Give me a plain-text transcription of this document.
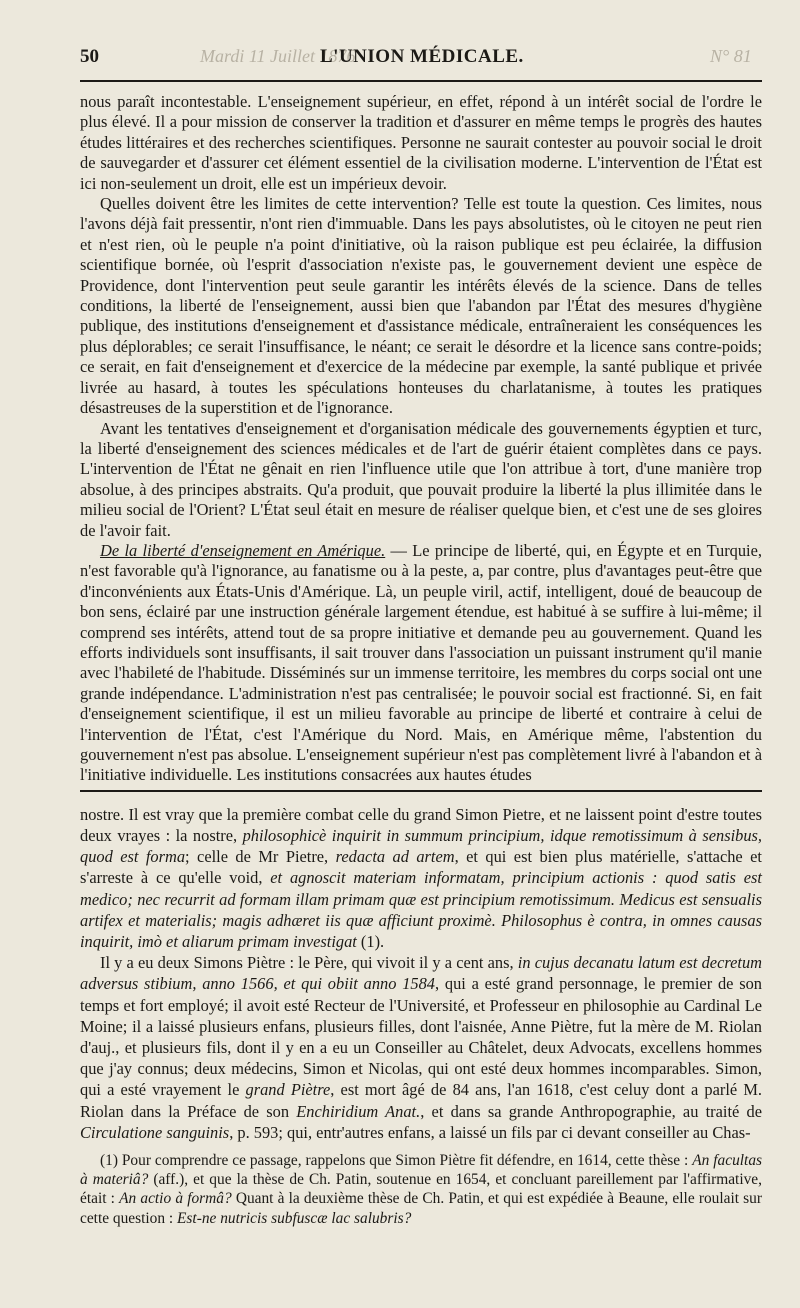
50	Mardi 11 Juillet 1876
L'UNION MÉDICALE.	N° 81

nous paraît incontestable. L'enseignement supérieur, en effet, répond à un intérêt social de l'ordre le plus élevé. Il a pour mission de conserver la tradition et d'assurer en même temps le progrès des hautes études littéraires et des recherches scientifiques. Personne ne saurait contester au pouvoir social le droit de sauvegarder et d'assurer cet élément essentiel de la civilisation moderne. L'intervention de l'État est ici non-seulement un droit, elle est un impérieux devoir.

Quelles doivent être les limites de cette intervention? Telle est toute la question. Ces limites, nous l'avons déjà fait pressentir, n'ont rien d'immuable. Dans les pays absolutistes, où le citoyen ne peut rien et n'est rien, où le peuple n'a point d'initiative, où la raison publique est peu éclairée, la diffusion scientifique bornée, où l'esprit d'association n'existe pas, le gouvernement devient une espèce de Providence, dont l'intervention peut seule garantir les intérêts élevés de la science. Dans de telles conditions, la liberté de l'enseignement, aussi bien que l'abandon par l'État des mesures d'hygiène publique, des institutions d'enseignement et d'assistance médicale, entraîneraient les conséquences les plus déplorables; ce serait l'insuffisance, le néant; ce serait le désordre et la licence sans contre-poids; ce serait, en fait d'enseignement et d'exercice de la médecine par exemple, la santé publique et privée livrée au hasard, à toutes les spéculations honteuses du charlatanisme, à toutes les pratiques désastreuses de la superstition et de l'ignorance.

Avant les tentatives d'enseignement et d'organisation médicale des gouvernements égyptien et turc, la liberté d'enseignement des sciences médicales et de l'art de guérir étaient complètes dans ce pays. L'intervention de l'État ne gênait en rien l'influence utile que l'on attribue à tort, d'une manière trop absolue, à des principes abstraits. Qu'a produit, que pouvait produire la liberté la plus illimitée dans le milieu social de l'Orient? L'État seul était en mesure de réaliser quelque bien, et c'est une de ses gloires de l'avoir fait.

De la liberté d'enseignement en Amérique. — Le principe de liberté, qui, en Égypte et en Turquie, n'est favorable qu'à l'ignorance, au fanatisme ou à la peste, a, par contre, plus d'avantages peut-être que d'inconvénients aux États-Unis d'Amérique. Là, un peuple viril, actif, intelligent, doué de beaucoup de bon sens, éclairé par une instruction générale largement étendue, est habitué à se suffire à lui-même; il comprend ses intérêts, attend tout de sa propre initiative et demande peu au gouvernement. Quand les efforts individuels sont insuffisants, il sait trouver dans l'association un puissant instrument qu'il manie avec l'habileté de l'habitude. Disséminés sur un immense territoire, les membres du corps social ont une grande indépendance. L'administration n'est pas centralisée; le pouvoir social est fractionné. Si, en fait d'enseignement scientifique, il est un milieu favorable au principe de liberté et contraire à celui de l'intervention de l'État, c'est l'Amérique du Nord. Mais, en Amérique même, l'abstention du gouvernement n'est pas absolue. L'enseignement supérieur n'est pas complètement livré à l'abandon et à l'initiative individuelle. Les institutions consacrées aux hautes études

nostre. Il est vray que la première combat celle du grand Simon Pietre, et ne laissent point d'estre toutes deux vrayes : la nostre, philosophicè inquirit in summum principium, idque remotissimum à sensibus, quod est forma; celle de Mr Pietre, redacta ad artem, et qui est bien plus matérielle, s'attache et s'arreste à ce qu'elle void, et agnoscit materiam informatam, principium actionis : quod satis est medico; nec recurrit ad formam illam primam quæ est principium remotissimum. Medicus est sensualis artifex et materialis; magis adhæret iis quæ afficiunt proximè. Philosophus è contra, in omnes causas inquirit, imò et aliarum primam investigat (1).

Il y a eu deux Simons Piètre : le Père, qui vivoit il y a cent ans, in cujus decanatu latum est decretum adversus stibium, anno 1566, et qui obiit anno 1584, qui a esté grand personnage, le premier de son temps et fort employé; il avoit esté Recteur de l'Université, et Professeur en philosophie au Cardinal Le Moine; il a laissé plusieurs enfans, plusieurs filles, dont l'aisnée, Anne Piètre, fut la mère de M. Riolan d'auj., et plusieurs fils, dont il y en a eu un Conseiller au Châtelet, deux Advocats, excellens hommes que j'ay connus; deux médecins, Simon et Nicolas, qui ont esté deux hommes incomparables. Simon, qui a esté vrayement le grand Piètre, est mort âgé de 84 ans, l'an 1618, c'est celuy dont a parlé M. Riolan dans la Préface de son Enchiridium Anat., et dans sa grande Anthropographie, au traité de Circulatione sanguinis, p. 593; qui, entr'autres enfans, a laissé un fils par ci devant conseiller au Chas-

(1) Pour comprendre ce passage, rappelons que Simon Piètre fit défendre, en 1614, cette thèse : An facultas à materiâ? (aff.), et que la thèse de Ch. Patin, soutenue en 1654, et concluant pareillement par l'affirmative, était : An actio à formâ? Quant à la deuxième thèse de Ch. Patin, et qui est expédiée à Beaune, elle roulait sur cette question : Est-ne nutricis subfuscæ lac salubris?
